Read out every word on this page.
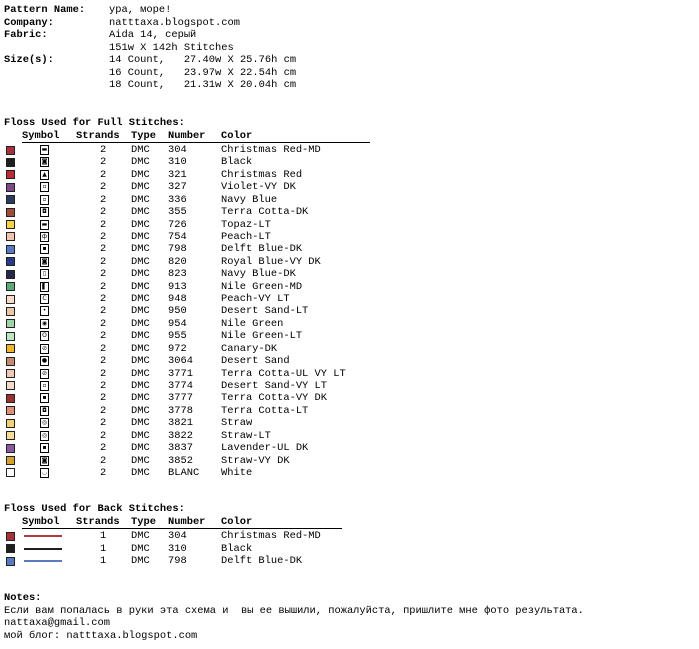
Pattern Name: ура, море!
Company:	natttaxa.blogspot.com
Fabric:	Aida 14, серый
151w X 142h Stitches
Size(s):	14 Count,   27.40w X 25.76h cm
16 Count,   23.97w X 22.54h cm
18 Count,   21.31w X 20.04h cm
Floss Used for Full Stitches:
Symbol Strands Type Number Color
▬	2 DMC 304	Christmas Red-MD
◙	2 DMC 310	Black
▲	2 DMC 321	Christmas Red
▫	2 DMC 327	Violet-VY DK
▫	2 DMC 336	Navy Blue
◘	2 DMC 355	Terra Cotta-DK
▬	2 DMC 726	Topaz-LT
ф	2 DMC 754	Peach-LT
▪	2 DMC 798	Delft Blue-DK
◙	2 DMC 820	Royal Blue-VY DK
▯	2 DMC 823	Navy Blue-DK
▌	2 DMC 913	Nile Green-MD
C	2 DMC 948	Peach-VY LT
•	2 DMC 950	Desert Sand-LT
◉	2 DMC 954	Nile Green
O	2 DMC 955	Nile Green-LT
⊘	2 DMC 972	Canary-DK
●	2 DMC 3064	Desert Sand
⊘	2 DMC 3771	Terra Cotta-UL VY LT
▫	2 DMC 3774	Desert Sand-VY LT
▪	2 DMC 3777	Terra Cotta-VY DK
◘	2 DMC 3778	Terra Cotta-LT
◎	2 DMC 3821	Straw
◎	2 DMC 3822	Straw-LT
▪	2 DMC 3837	Lavender-UL DK
◙	2 DMC 3852	Straw-VY DK
◡	2 DMC BLANC White
Floss Used for Back Stitches:
Symbol Strands Type Number Color
1 DMC 304	Christmas Red-MD
1 DMC 310	Black
1 DMC 798	Delft Blue-DK
Notes:
Если вам попалась в руки эта схема и  вы ее вышили, пожалуйста, пришлите мне фото результата.
nattaxa@gmail.com
мой блог: natttaxa.blogspot.com
